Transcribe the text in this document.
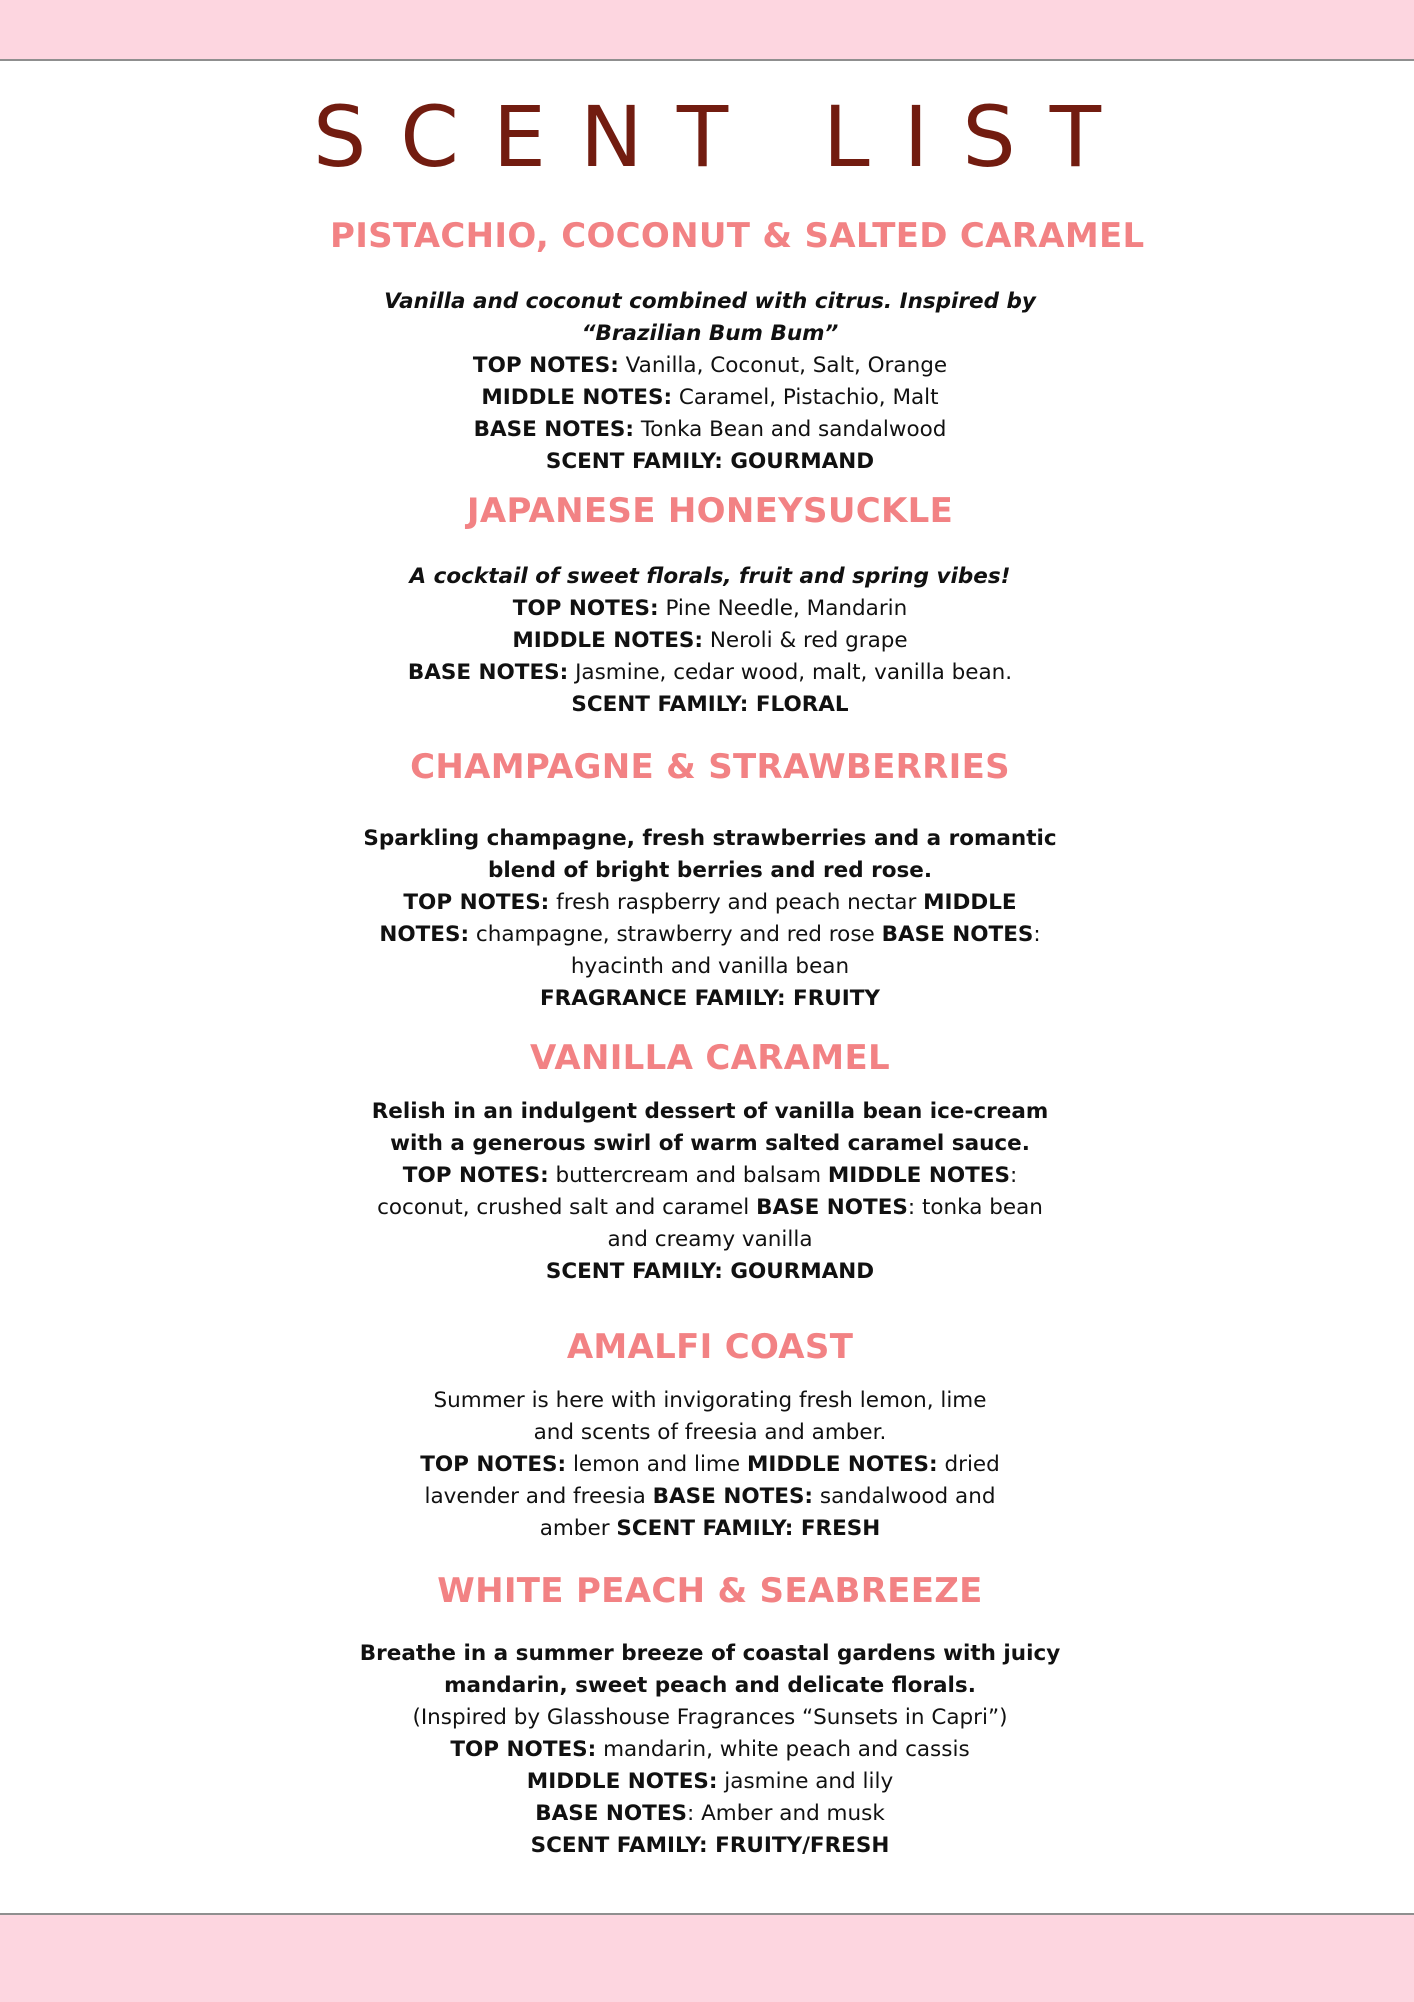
SCENT LIST
PISTACHIO, COCONUT & SALTED CARAMEL
Vanilla and coconut combined with citrus. Inspired by
“Brazilian Bum Bum”
TOP NOTES: Vanilla, Coconut, Salt, Orange
MIDDLE NOTES: Caramel, Pistachio, Malt
BASE NOTES: Tonka Bean and sandalwood
SCENT FAMILY: GOURMAND
JAPANESE HONEYSUCKLE
A cocktail of sweet florals, fruit and spring vibes!
TOP NOTES: Pine Needle, Mandarin
MIDDLE NOTES: Neroli & red grape
BASE NOTES: Jasmine, cedar wood, malt, vanilla bean.
SCENT FAMILY: FLORAL
CHAMPAGNE & STRAWBERRIES
Sparkling champagne, fresh strawberries and a romantic
blend of bright berries and red rose.
TOP NOTES: fresh raspberry and peach nectar MIDDLE
NOTES: champagne, strawberry and red rose BASE NOTES:
hyacinth and vanilla bean
FRAGRANCE FAMILY: FRUITY
VANILLA CARAMEL
Relish in an indulgent dessert of vanilla bean ice-cream
with a generous swirl of warm salted caramel sauce.
TOP NOTES: buttercream and balsam MIDDLE NOTES:
coconut, crushed salt and caramel BASE NOTES: tonka bean
and creamy vanilla
SCENT FAMILY: GOURMAND
AMALFI COAST
Summer is here with invigorating fresh lemon, lime
and scents of freesia and amber.
TOP NOTES: lemon and lime MIDDLE NOTES: dried
lavender and freesia BASE NOTES: sandalwood and
amber SCENT FAMILY: FRESH
WHITE PEACH & SEABREEZE
Breathe in a summer breeze of coastal gardens with juicy
mandarin, sweet peach and delicate florals.
(Inspired by Glasshouse Fragrances “Sunsets in Capri”)
TOP NOTES: mandarin, white peach and cassis
MIDDLE NOTES: jasmine and lily
BASE NOTES: Amber and musk
SCENT FAMILY: FRUITY/FRESH
